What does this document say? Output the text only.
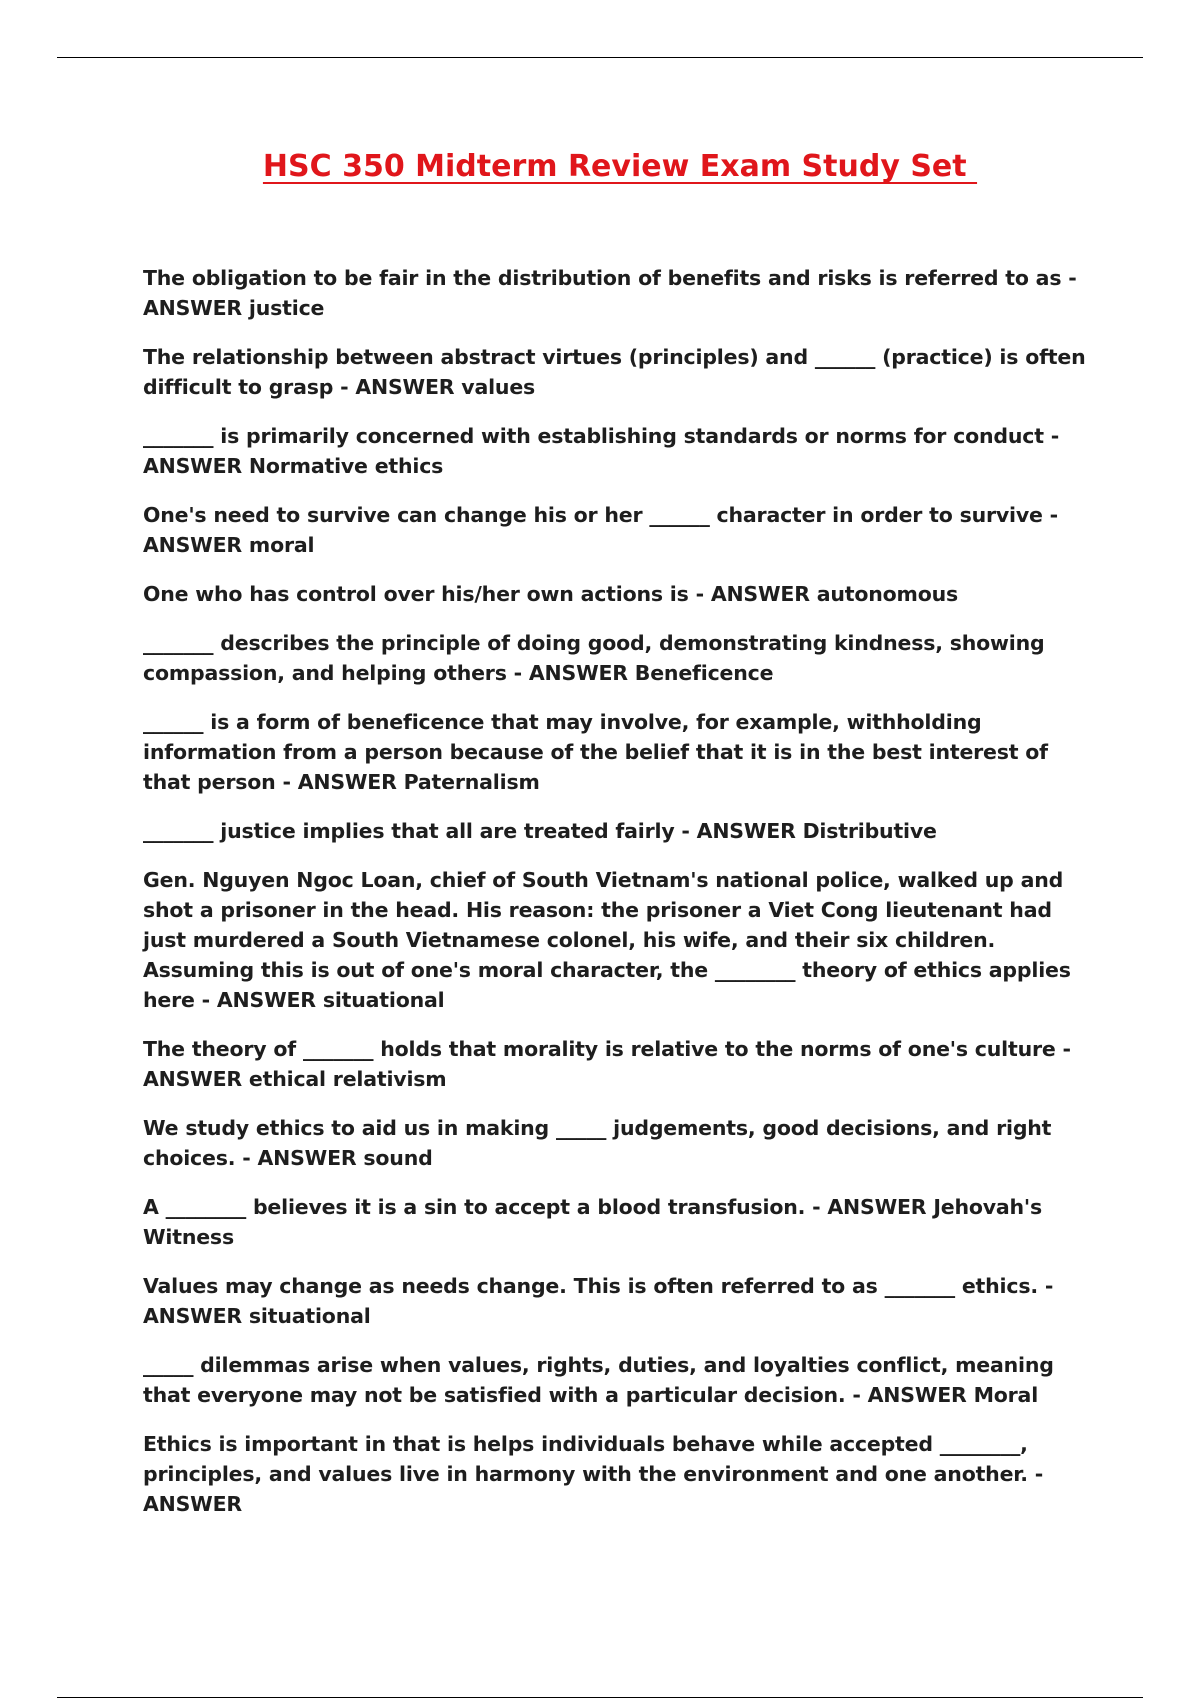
HSC 350 Midterm Review Exam Study Set

The obligation to be fair in the distribution of benefits and risks is referred to as - ANSWER justice

The relationship between abstract virtues (principles) and ______ (practice) is often difficult to grasp - ANSWER values

_______ is primarily concerned with establishing standards or norms for conduct - ANSWER Normative ethics

One's need to survive can change his or her ______ character in order to survive - ANSWER moral

One who has control over his/her own actions is - ANSWER autonomous

_______ describes the principle of doing good, demonstrating kindness, showing compassion, and helping others - ANSWER Beneficence

______ is a form of beneficence that may involve, for example, withholding information from a person because of the belief that it is in the best interest of that person - ANSWER Paternalism

_______ justice implies that all are treated fairly - ANSWER Distributive

Gen. Nguyen Ngoc Loan, chief of South Vietnam's national police, walked up and shot a prisoner in the head. His reason: the prisoner a Viet Cong lieutenant had just murdered a South Vietnamese colonel, his wife, and their six children. Assuming this is out of one's moral character, the ________ theory of ethics applies here - ANSWER situational

The theory of _______ holds that morality is relative to the norms of one's culture - ANSWER ethical relativism

We study ethics to aid us in making _____ judgements, good decisions, and right choices. - ANSWER sound

A ________ believes it is a sin to accept a blood transfusion. - ANSWER Jehovah's Witness

Values may change as needs change. This is often referred to as _______ ethics. - ANSWER situational

_____ dilemmas arise when values, rights, duties, and loyalties conflict, meaning that everyone may not be satisfied with a particular decision. - ANSWER Moral

Ethics is important in that is helps individuals behave while accepted ________, principles, and values live in harmony with the environment and one another. - ANSWER
